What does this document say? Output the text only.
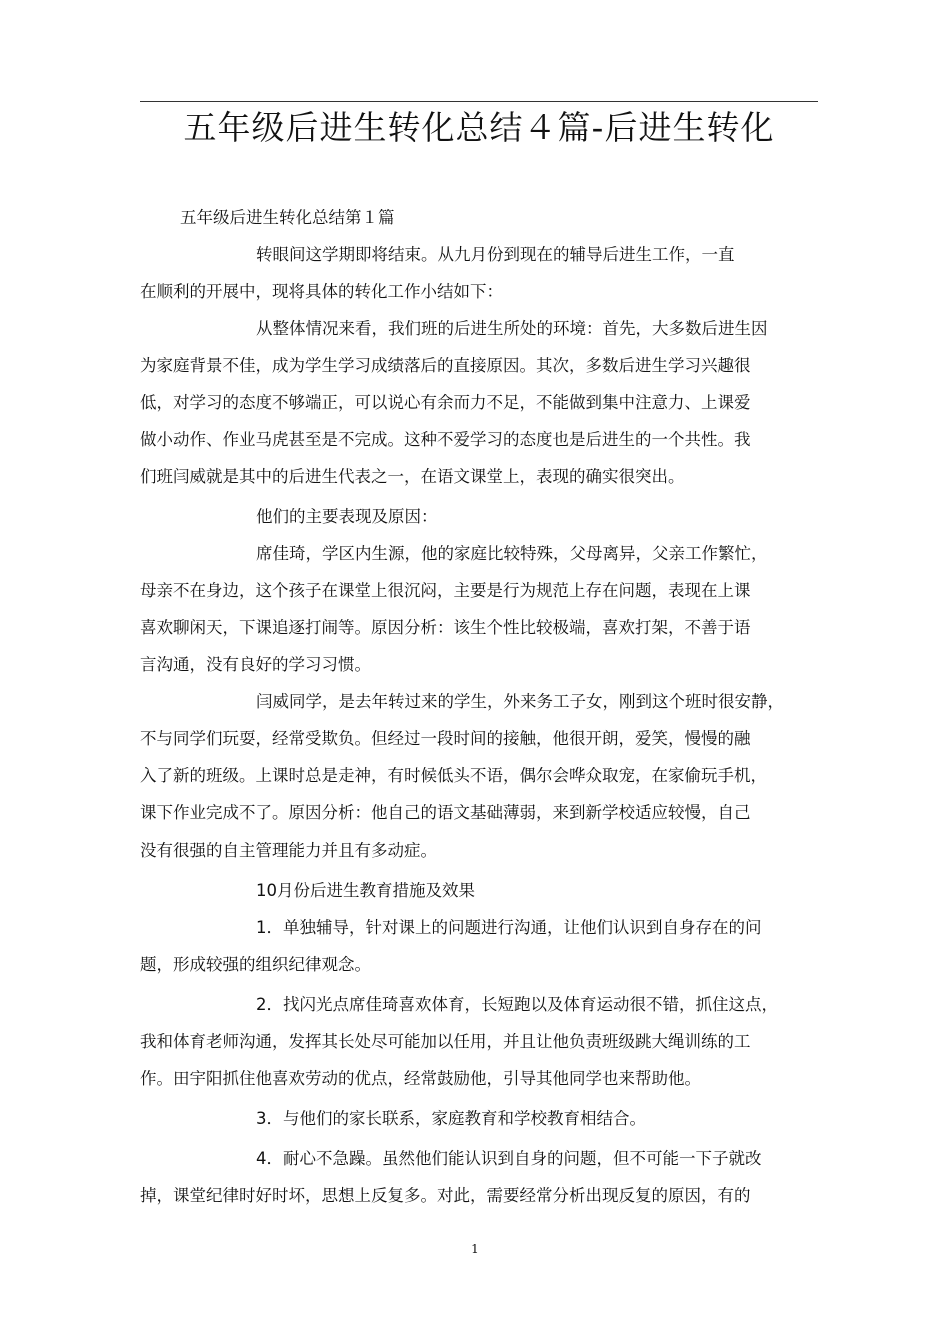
五年级后进生转化总结４篇-后进生转化
五年级后进生转化总结第１篇
转眼间这学期即将结束。从九月份到现在的辅导后进生工作，一直
在顺利的开展中，现将具体的转化工作小结如下：
从整体情况来看，我们班的后进生所处的环境：首先，大多数后进生因
为家庭背景不佳，成为学生学习成绩落后的直接原因。其次，多数后进生学习兴趣很
低，对学习的态度不够端正，可以说心有余而力不足，不能做到集中注意力、上课爱
做小动作、作业马虎甚至是不完成。这种不爱学习的态度也是后进生的一个共性。我
们班闫威就是其中的后进生代表之一，在语文课堂上，表现的确实很突出。
他们的主要表现及原因：
席佳琦，学区内生源，他的家庭比较特殊，父母离异，父亲工作繁忙，
母亲不在身边，这个孩子在课堂上很沉闷，主要是行为规范上存在问题，表现在上课
喜欢聊闲天，下课追逐打闹等。原因分析：该生个性比较极端，喜欢打架，不善于语
言沟通，没有良好的学习习惯。
闫威同学，是去年转过来的学生，外来务工子女，刚到这个班时很安静，
不与同学们玩耍，经常受欺负。但经过一段时间的接触，他很开朗，爱笑，慢慢的融
入了新的班级。上课时总是走神，有时候低头不语，偶尔会哗众取宠，在家偷玩手机，
课下作业完成不了。原因分析：他自己的语文基础薄弱，来到新学校适应较慢，自己
没有很强的自主管理能力并且有多动症。
10月份后进生教育措施及效果
1．单独辅导，针对课上的问题进行沟通，让他们认识到自身存在的问
题，形成较强的组织纪律观念。
2．找闪光点席佳琦喜欢体育，长短跑以及体育运动很不错，抓住这点，
我和体育老师沟通，发挥其长处尽可能加以任用，并且让他负责班级跳大绳训练的工
作。田宇阳抓住他喜欢劳动的优点，经常鼓励他，引导其他同学也来帮助他。
3．与他们的家长联系，家庭教育和学校教育相结合。
4．耐心不急躁。虽然他们能认识到自身的问题，但不可能一下子就改
掉，课堂纪律时好时坏，思想上反复多。对此，需要经常分析出现反复的原因，有的
1
